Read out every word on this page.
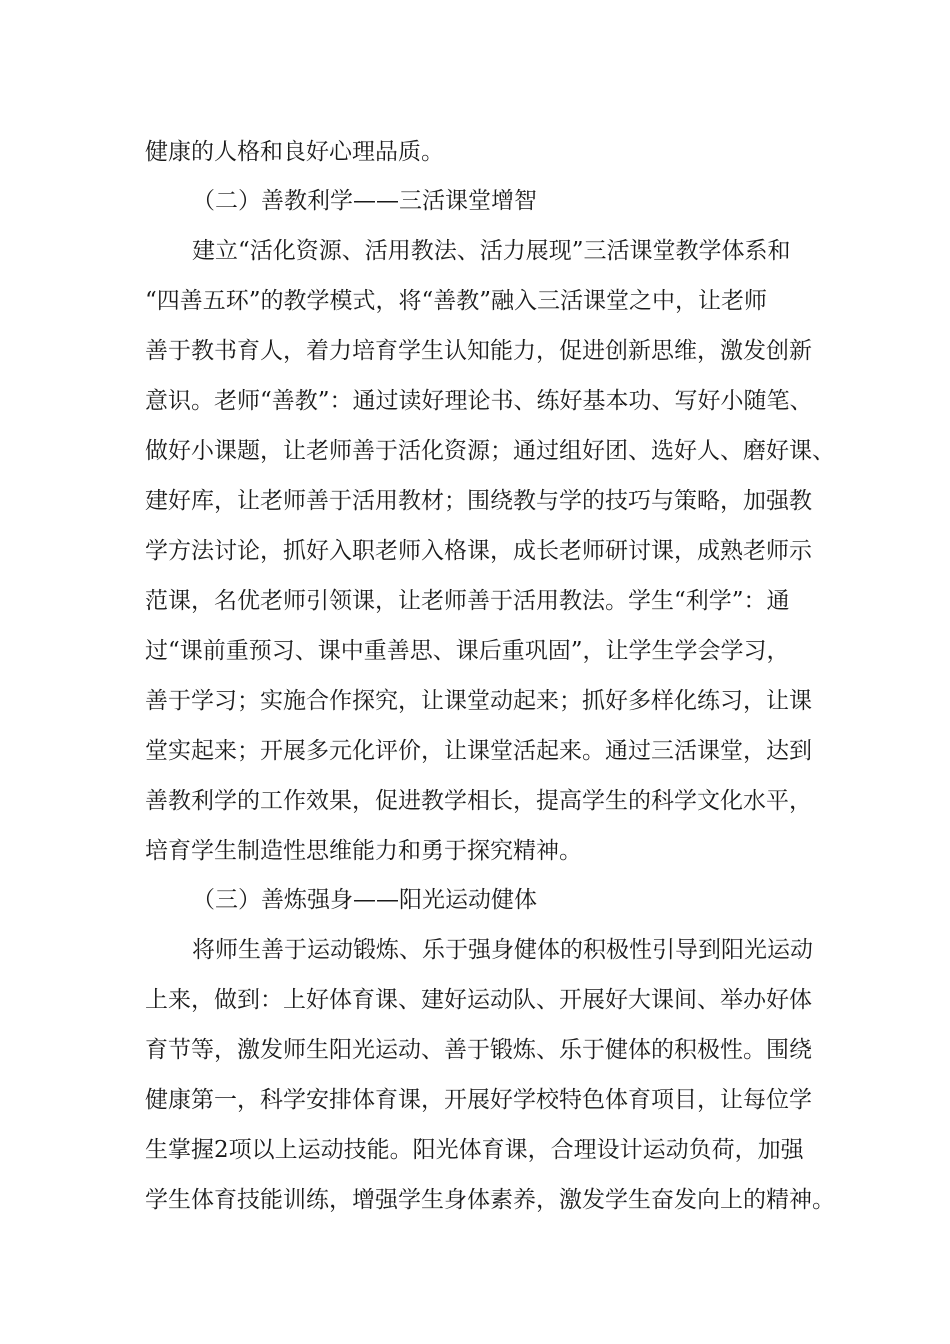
健康的人格和良好心理品质。
（二）善教利学——三活课堂增智
建立“活化资源、活用教法、活力展现”三活课堂教学体系和
“四善五环”的教学模式，将“善教”融入三活课堂之中，让老师
善于教书育人，着力培育学生认知能力，促进创新思维，激发创新
意识。老师“善教”：通过读好理论书、练好基本功、写好小随笔、
做好小课题，让老师善于活化资源；通过组好团、选好人、磨好课、
建好库，让老师善于活用教材；围绕教与学的技巧与策略，加强教
学方法讨论，抓好入职老师入格课，成长老师研讨课，成熟老师示
范课，名优老师引领课，让老师善于活用教法。学生“利学”：通
过“课前重预习、课中重善思、课后重巩固”，让学生学会学习，
善于学习；实施合作探究，让课堂动起来；抓好多样化练习，让课
堂实起来；开展多元化评价，让课堂活起来。通过三活课堂，达到
善教利学的工作效果，促进教学相长，提高学生的科学文化水平，
培育学生制造性思维能力和勇于探究精神。
（三）善炼强身——阳光运动健体
将师生善于运动锻炼、乐于强身健体的积极性引导到阳光运动
上来，做到：上好体育课、建好运动队、开展好大课间、举办好体
育节等，激发师生阳光运动、善于锻炼、乐于健体的积极性。围绕
健康第一，科学安排体育课，开展好学校特色体育项目，让每位学
生掌握2项以上运动技能。阳光体育课，合理设计运动负荷，加强
学生体育技能训练，增强学生身体素养，激发学生奋发向上的精神。
